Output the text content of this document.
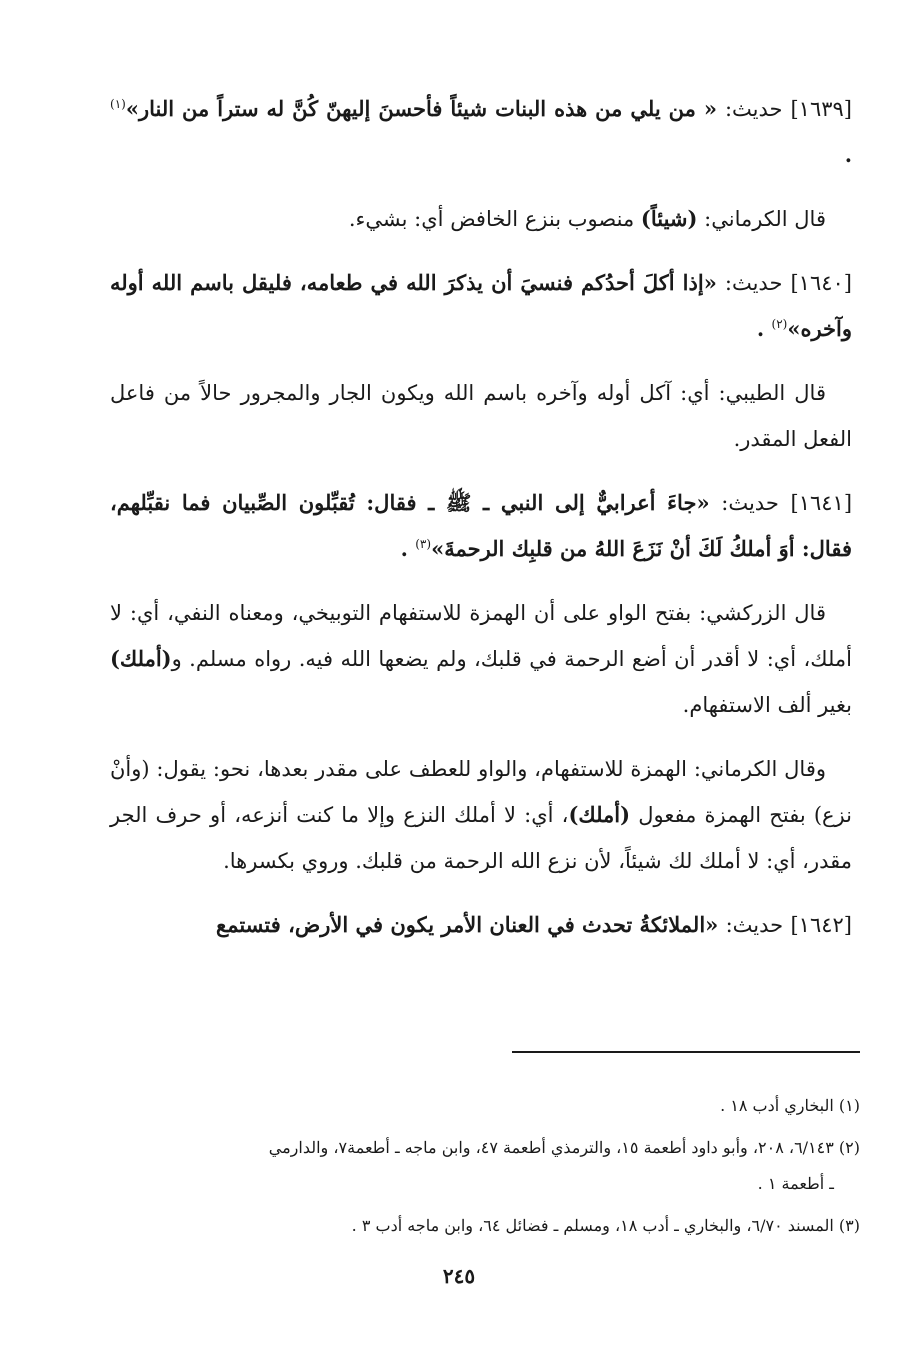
[١٦٣٩] حديث: « من يلي من هذه البنات شيئاً فأحسنَ إليهنّ كُنَّ له ستراً من النار»$^{(١)}$ .

قال الكرماني: (شيئاً) منصوب بنزع الخافض أي: بشيء.

[١٦٤٠] حديث: «إذا أكلَ أحدُكم فنسيَ أن يذكرَ الله في طعامه، فليقل باسم الله أوله وآخره»$^{(٢)}$ .

قال الطيبي: أي: آكل أوله وآخره باسم الله ويكون الجار والمجرور حالاً من فاعل الفعل المقدر.

[١٦٤١] حديث: «جاءَ أعرابيٌّ إلى النبي ـ ﷺ ـ فقال: تُقبِّلون الصِّبيان فما نقبِّلهم، فقال: أوَ أملكُ لَكَ أنْ نَزَعَ اللهُ من قلبِك الرحمةَ»$^{(٣)}$ .

قال الزركشي: بفتح الواو على أن الهمزة للاستفهام التوبيخي، ومعناه النفي، أي: لا أملك، أي: لا أقدر أن أضع الرحمة في قلبك، ولم يضعها الله فيه. رواه مسلم. و(أملك) بغير ألف الاستفهام.

وقال الكرماني: الهمزة للاستفهام، والواو للعطف على مقدر بعدها، نحو: يقول: (وأنْ نزع) بفتح الهمزة مفعول (أملك)، أي: لا أملك النزع وإلا ما كنت أنزعه، أو حرف الجر مقدر، أي: لا أملك لك شيئاً، لأن نزع الله الرحمة من قلبك. وروي بكسرها.

[١٦٤٢] حديث: «الملائكةُ تحدث في العنان الأمر يكون في الأرض، فتستمع

(١) البخاري أدب ١٨ .

(٢) ٦/١٤٣، ٢٠٨، وأبو داود أطعمة ١٥، والترمذي أطعمة ٤٧، وابن ماجه ـ أطعمة٧، والدارمي
ـ أطعمة ١ .

(٣) المسند ٦/٧٠، والبخاري ـ أدب ١٨، ومسلم ـ فضائل ٦٤، وابن ماجه أدب ٣ .

٢٤٥
